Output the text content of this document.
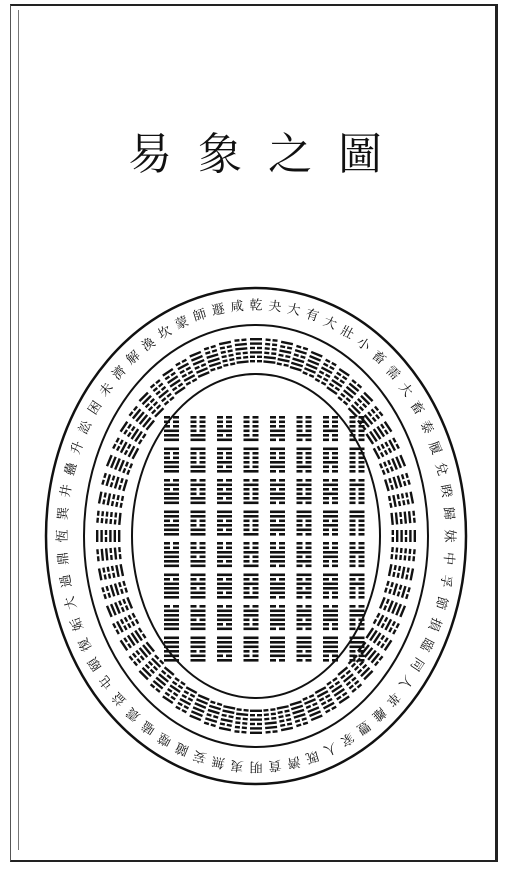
易象之圖
乾 夬 大 有 大
壯
小
畜
需
大
畜
泰
履
兌
睽
歸
妹
中
孚
節
損
臨
同
人
革
離
豐
家
人
既
濟
賁
明
夷
無
妄
隨
噬
嗑
震
益
屯
頤
復
姤
大
過
鼎
恆
巽
井
蠱
升
訟
困
未
濟
解
渙
坎
蒙 師 遯 咸
